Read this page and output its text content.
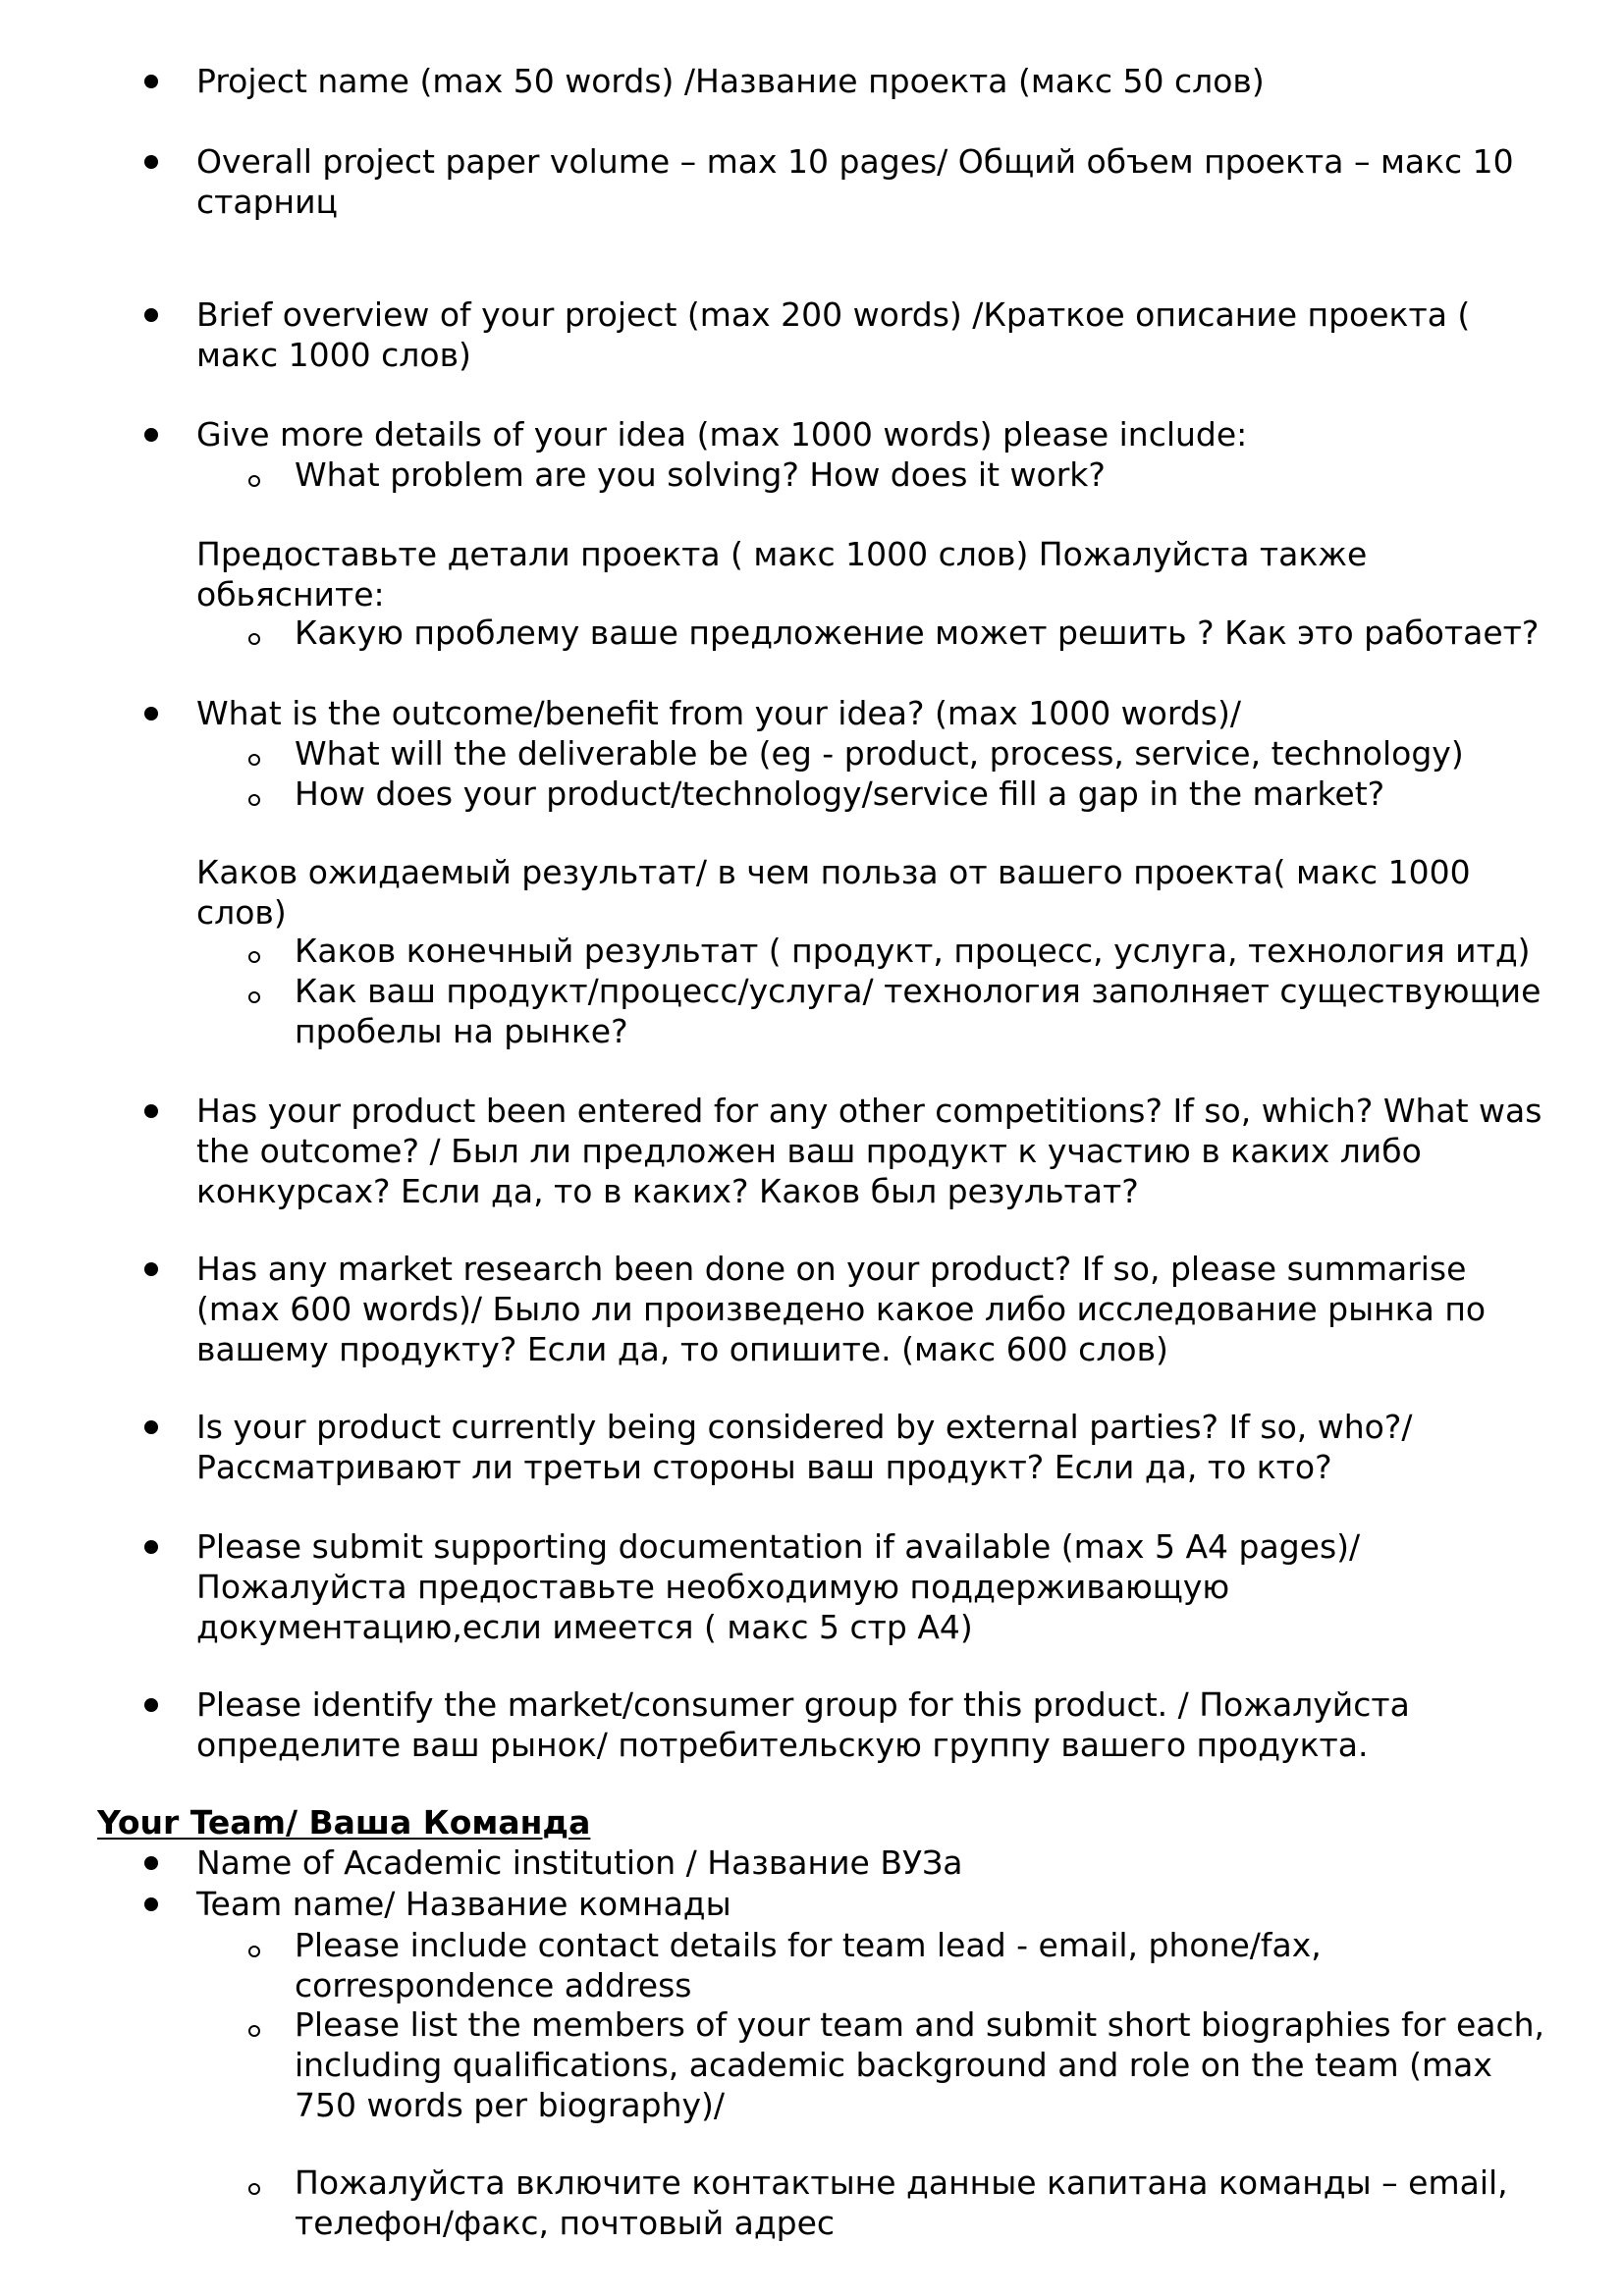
Project name (max 50 words) /Название проекта (макс 50 слов)
Overall project paper volume – max 10 pages/ Общий объем проекта – макс 10
старниц
Brief overview of your project (max 200 words) /Краткое описание проекта (
макс 1000 слов)
Give more details of your idea (max 1000 words) please include:
What problem are you solving? How does it work?
Предоставьте детали проекта ( макс 1000 слов) Пожалуйста также
обьясните:
Какую проблему ваше предложение может решить ? Как это работает?
What is the outcome/benefit from your idea? (max 1000 words)/
What will the deliverable be (eg - product, process, service, technology)
How does your product/technology/service fill a gap in the market?
Каков ожидаемый результат/ в чем польза от вашего проекта( макс 1000
слов)
Каков конечный результат ( продукт, процесс, услуга, технология итд)
Как ваш продукт/процесс/услуга/ технология заполняет существующие
пробелы на рынке?
Has your product been entered for any other competitions? If so, which? What was
the outcome? / Был ли предложен ваш продукт к участию в каких либо
конкурсах? Если да, то в каких? Каков был результат?
Has any market research been done on your product? If so, please summarise
(max 600 words)/ Было ли произведено какое либо исследование рынка по
вашему продукту? Если да, то опишите. (макс 600 слов)
Is your product currently being considered by external parties? If so, who?/
Рассматривают ли третьи стороны ваш продукт? Если да, то кто?
Please submit supporting documentation if available (max 5 A4 pages)/
Пожалуйста предоставьте необходимую поддерживающую
документацию,если имеется ( макс 5 стр А4)
Please identify the market/consumer group for this product. / Пожалуйста
определите ваш рынок/ потребительскую группу вашего продукта.
Your Team/ Ваша Команда
Name of Academic institution / Название ВУЗа
Team name/ Название комнады
Please include contact details for team lead - email, phone/fax,
correspondence address
Please list the members of your team and submit short biographies for each,
including qualifications, academic background and role on the team (max
750 words per biography)/
Пожалуйста включите контактыне данные капитана команды – email,
телефон/факс, почтовый адрес
